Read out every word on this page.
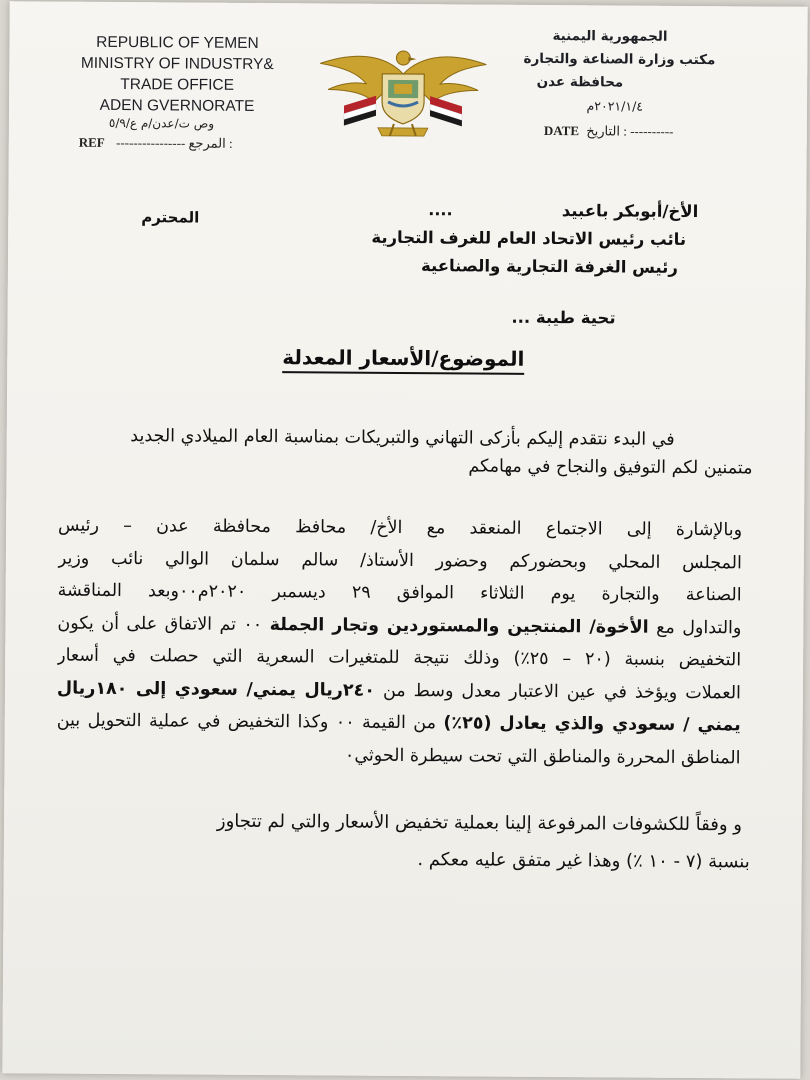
REPUBLIC OF YEMEN
MINISTRY OF INDUSTRY&
TRADE OFFICE
ADEN GVERNORATE
وص ت/عدن/م ع/٥/٩
REF ---------------- المرجع :
الجمهورية اليمنية
مكتب وزارة الصناعة والتجارة
محافظة عدن
٢٠٢١/١/٤م
DATE التاريخ : ----------
الأخ/أبوبكر باعبيد
....
المحترم
نائب رئيس الاتحاد العام للغرف التجارية
رئيس الغرفة التجارية والصناعية
تحية طيبة ...
الموضوع/الأسعار المعدلة
في البدء نتقدم إليكم بأزكى التهاني والتبريكات بمناسبة العام الميلادي الجديد
متمنين لكم التوفيق والنجاح في مهامكم
وبالإشارة إلى الاجتماع المنعقد مع الأخ/ محافظ محافظة عدن – رئيس
المجلس المحلي وبحضوركم وحضور الأستاذ/ سالم سلمان الوالي نائب وزير
الصناعة والتجارة يوم الثلاثاء الموافق ٢٩ ديسمبر ٢٠٢٠م٠٠وبعد المناقشة
والتداول مع الأخوة/ المنتجين والمستوردين وتجار الجملة ٠٠ تم الاتفاق على أن يكون
التخفيض بنسبة (٢٠ – ٢٥٪) وذلك نتيجة للمتغيرات السعرية التي حصلت في أسعار
العملات ويؤخذ في عين الاعتبار معدل وسط من ٢٤٠ريال يمني/ سعودي إلى ١٨٠ريال
يمني / سعودي والذي يعادل (٢٥٪) من القيمة ٠٠ وكذا التخفيض في عملية التحويل بين
المناطق المحررة والمناطق التي تحت سيطرة الحوثي٠
و وفقاً للكشوفات المرفوعة إلينا بعملية تخفيض الأسعار والتي لم تتجاوز
بنسبة (٧ - ١٠ ٪) وهذا غير متفق عليه معكم .
